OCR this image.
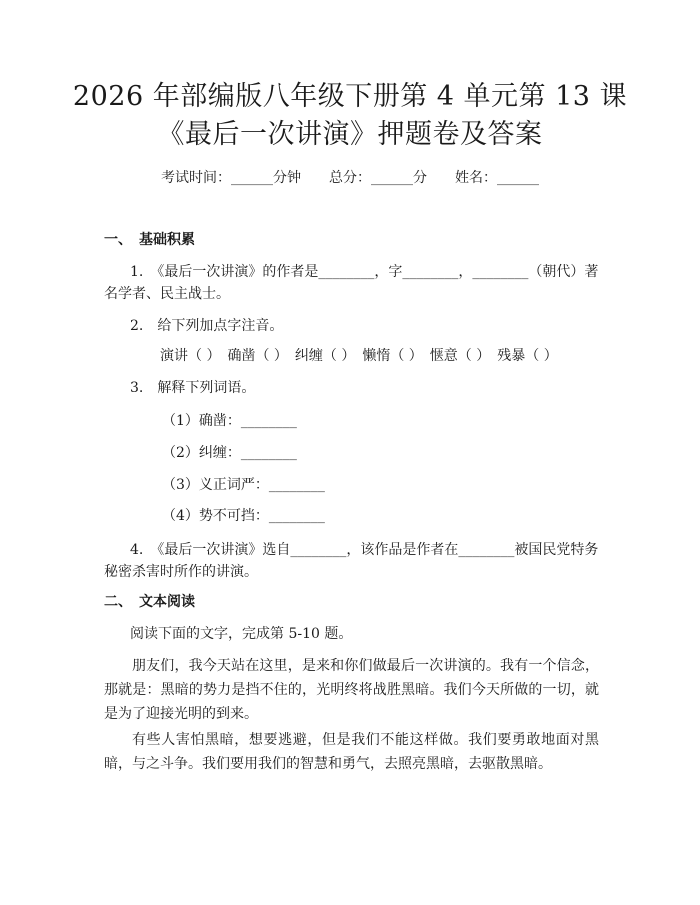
2026 年部编版八年级下册第 4 单元第 13 课
《最后一次讲演》押题卷及答案
考试时间：______分钟　　总分：______分　　姓名：______
一、　基础积累
1.　《最后一次讲演》的作者是________，字________，________（朝代）著
名学者、民主战士。
2.　给下列加点字注音。
演讲（ ）　确凿（ ）　纠缠（ ）　懒惰（ ）　惬意（ ）　残暴（ ）
3.　解释下列词语。
（1）确凿：________
（2）纠缠：________
（3）义正词严：________
（4）势不可挡：________
4.　《最后一次讲演》选自________，该作品是作者在________被国民党特务
秘密杀害时所作的讲演。
二、　文本阅读
阅读下面的文字，完成第 5-10 题。
朋友们，我今天站在这里，是来和你们做最后一次讲演的。我有一个信念，那就是：黑暗的势力是挡不住的，光明终将战胜黑暗。我们今天所做的一切，就是为了迎接光明的到来。
有些人害怕黑暗，想要逃避，但是我们不能这样做。我们要勇敢地面对黑暗，与之斗争。我们要用我们的智慧和勇气，去照亮黑暗，去驱散黑暗。
